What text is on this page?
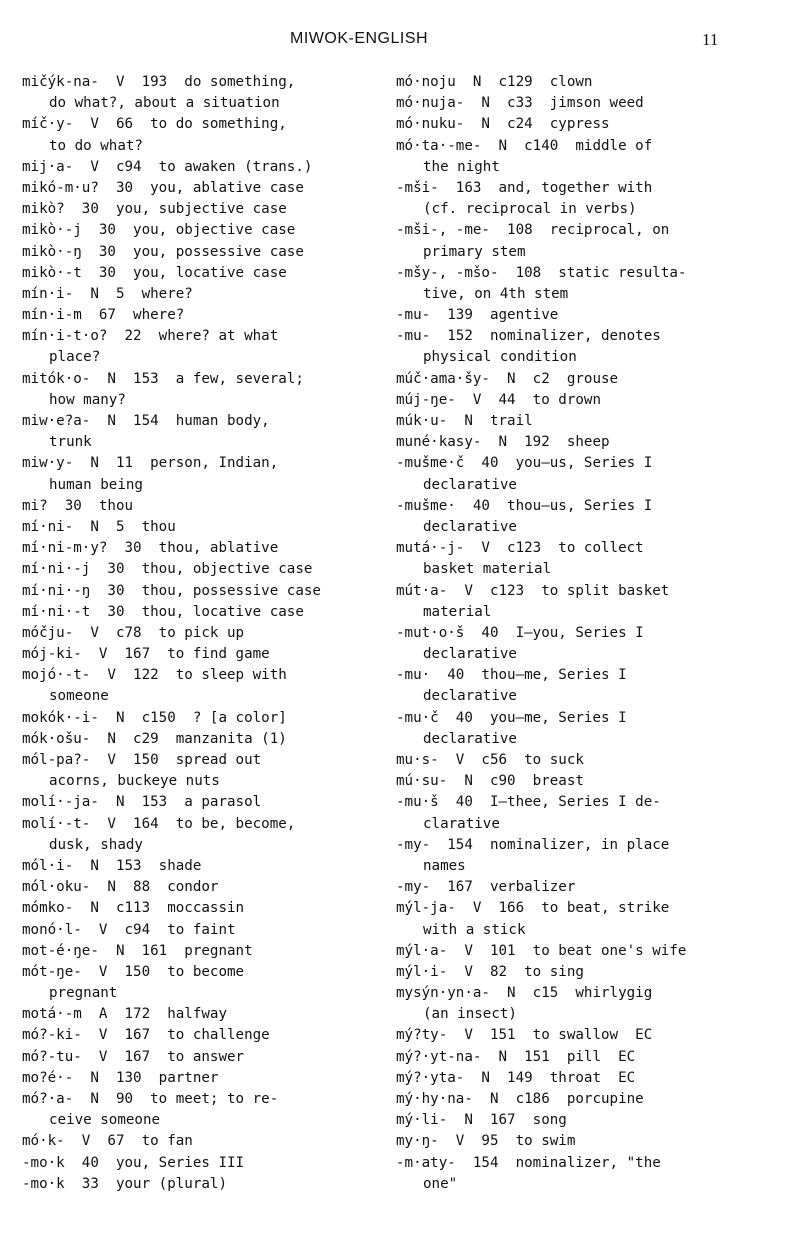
MIWOK-ENGLISH	11
mičýk-na-  V  193  do something,
do what?, about a situation
míč·y-  V  66  to do something,
to do what?
mij·a-  V  c94  to awaken (trans.)
mikó-m·u?  30  you, ablative case
mikò?  30  you, subjective case
mikò·-j  30  you, objective case
mikò·-ŋ  30  you, possessive case
mikò·-t  30  you, locative case
mín·i-  N  5  where?
mín·i-m  67  where?
mín·i-t·o?  22  where? at what
place?
mitók·o-  N  153  a few, several;
how many?
miw·e?a-  N  154  human body,
trunk
miw·y-  N  11  person, Indian,
human being
mi?  30  thou
mí·ni-  N  5  thou
mí·ni-m·y?  30  thou, ablative
mí·ni·-j  30  thou, objective case
mí·ni·-ŋ  30  thou, possessive case
mí·ni·-t  30  thou, locative case
móčju-  V  c78  to pick up
mój-ki-  V  167  to find game
mojó·-t-  V  122  to sleep with
someone
mokók·-i-  N  c150  ? [a color]
mók·ošu-  N  c29  manzanita (1)
mól-pa?-  V  150  spread out
acorns, buckeye nuts
molí·-ja-  N  153  a parasol
molí·-t-  V  164  to be, become,
dusk, shady
mól·i-  N  153  shade
mól·oku-  N  88  condor
mómko-  N  c113  moccassin
monó·l-  V  c94  to faint
mot-é·ŋe-  N  161  pregnant
mót-ŋe-  V  150  to become
pregnant
motá·-m  A  172  halfway
mó?-ki-  V  167  to challenge
mó?-tu-  V  167  to answer
mo?é·-  N  130  partner
mó?·a-  N  90  to meet; to re-
ceive someone
mó·k-  V  67  to fan
-mo·k  40  you, Series III
-mo·k  33  your (plural)
mó·noju  N  c129  clown
mó·nuja-  N  c33  jimson weed
mó·nuku-  N  c24  cypress
mó·ta·-me-  N  c140  middle of
the night
-mši-  163  and, together with
(cf. reciprocal in verbs)
-mši-, -me-  108  reciprocal, on
primary stem
-mšy-, -mšo-  108  static resulta-
tive, on 4th stem
-mu-  139  agentive
-mu-  152  nominalizer, denotes
physical condition
múč·ama·šy-  N  c2  grouse
múj-ŋe-  V  44  to drown
múk·u-  N  trail
muné·kasy-  N  192  sheep
-mušme·č  40  you—us, Series I
declarative
-mušme·  40  thou—us, Series I
declarative
mutá·-j-  V  c123  to collect
basket material
mút·a-  V  c123  to split basket
material
-mut·o·š  40  I—you, Series I
declarative
-mu·  40  thou—me, Series I
declarative
-mu·č  40  you—me, Series I
declarative
mu·s-  V  c56  to suck
mú·su-  N  c90  breast
-mu·š  40  I—thee, Series I de-
clarative
-my-  154  nominalizer, in place
names
-my-  167  verbalizer
mýl-ja-  V  166  to beat, strike
with a stick
mýl·a-  V  101  to beat one's wife
mýl·i-  V  82  to sing
mysýn·yn·a-  N  c15  whirlygig
(an insect)
mý?ty-  V  151  to swallow  EC
mý?·yt-na-  N  151  pill  EC
mý?·yta-  N  149  throat  EC
mý·hy·na-  N  c186  porcupine
mý·li-  N  167  song
my·ŋ-  V  95  to swim
-m·aty-  154  nominalizer, "the
one"
